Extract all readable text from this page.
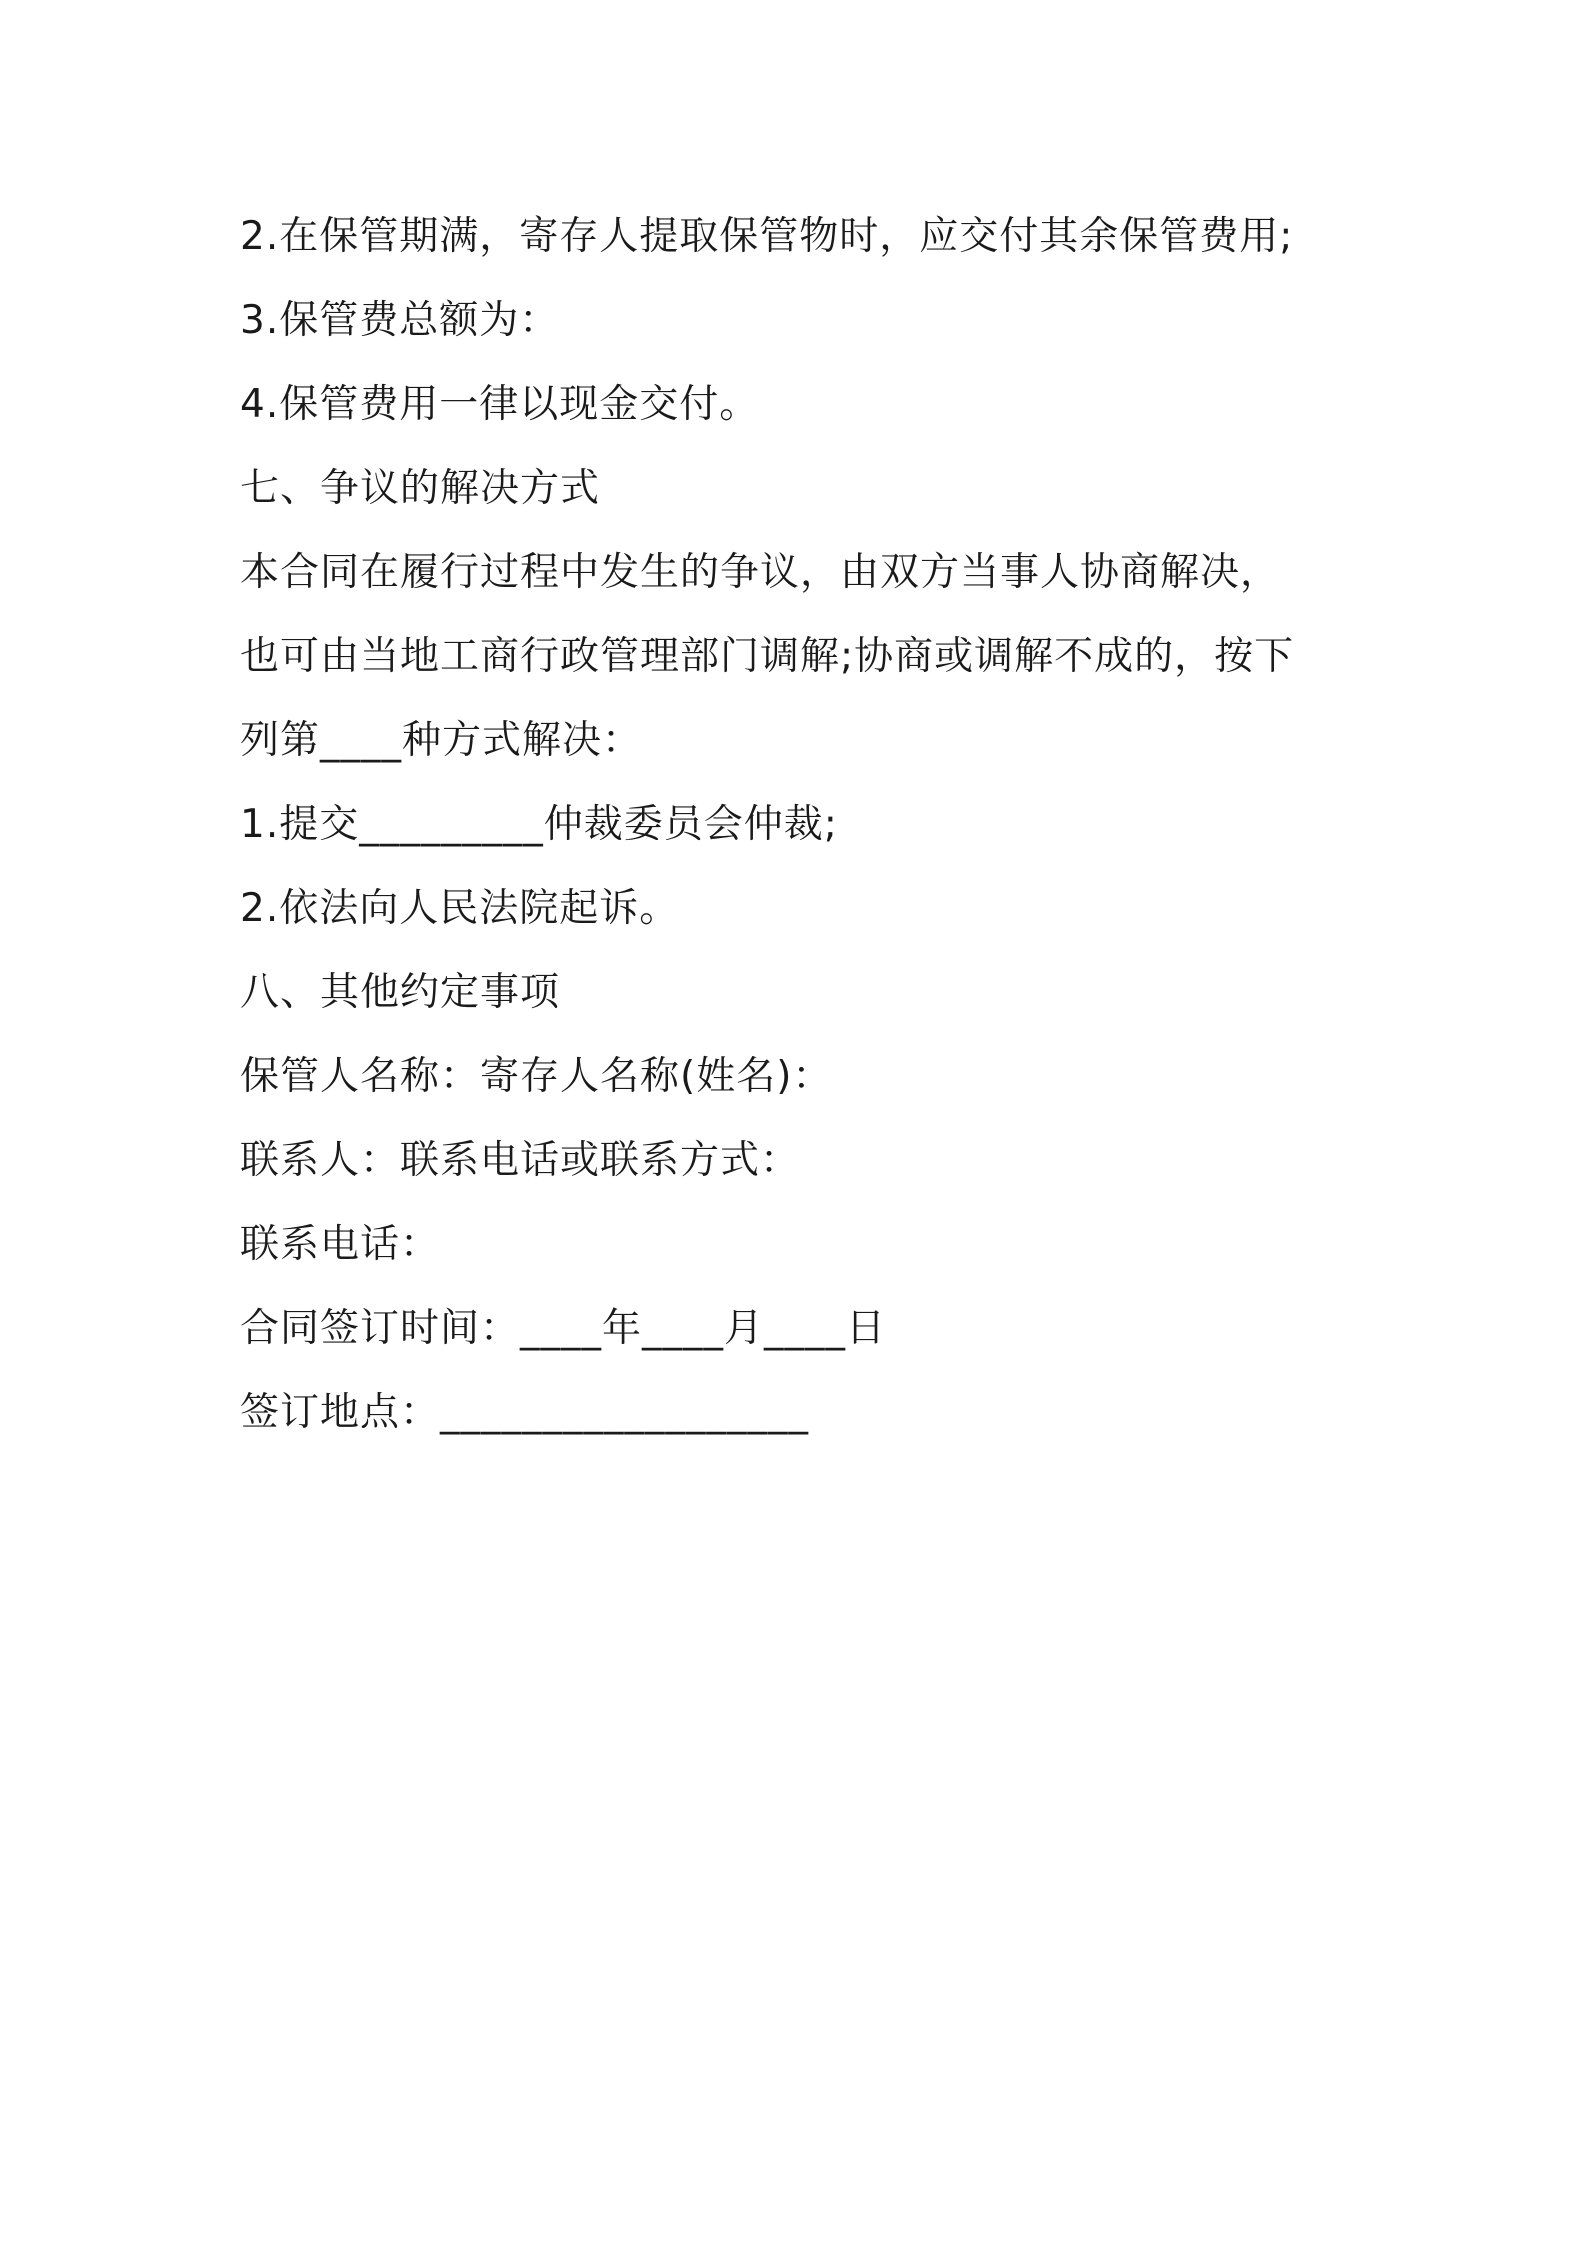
2.在保管期满，寄存人提取保管物时，应交付其余保管费用;
3.保管费总额为：
4.保管费用一律以现金交付。
七、争议的解决方式
本合同在履行过程中发生的争议，由双方当事人协商解决，
也可由当地工商行政管理部门调解;协商或调解不成的，按下
列第____种方式解决：
1.提交_________仲裁委员会仲裁;
2.依法向人民法院起诉。
八、其他约定事项
保管人名称：寄存人名称(姓名)：
联系人：联系电话或联系方式：
联系电话：
合同签订时间：____年____月____日
签订地点：__________________
